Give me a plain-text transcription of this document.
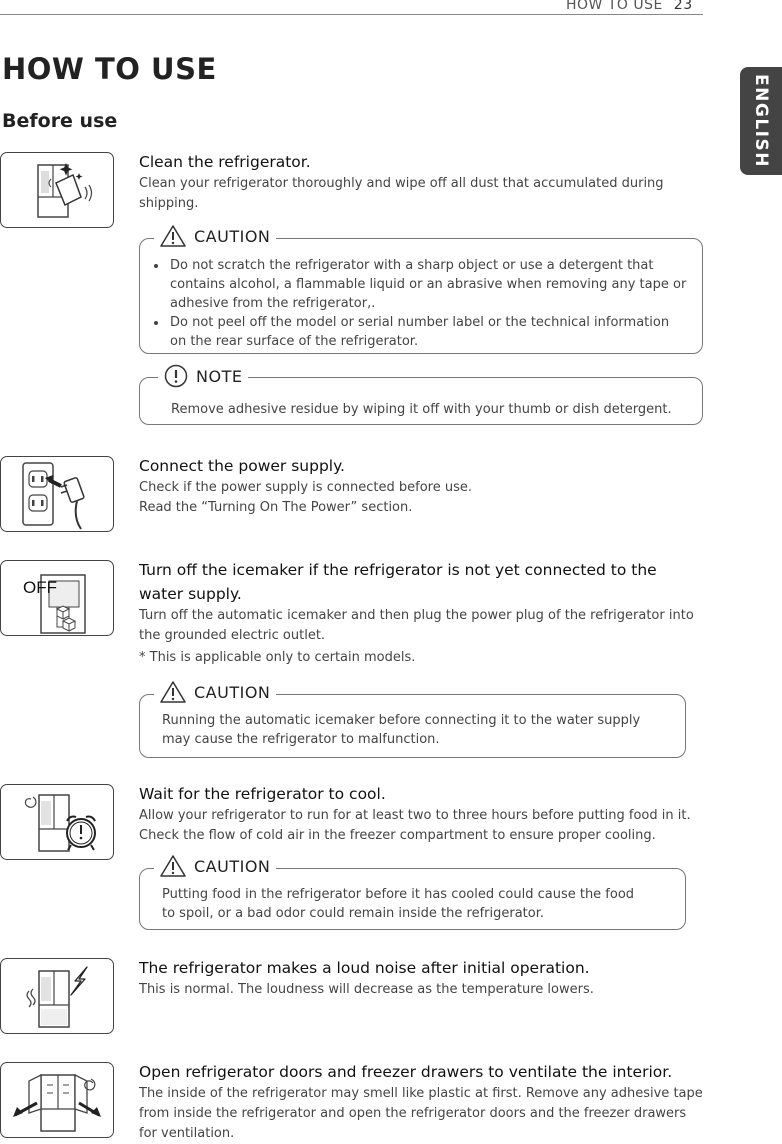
HOW TO USE 23
HOW TO USE
Before use	ENGLISH

Clean the refrigerator.

Clean your refrigerator thoroughly and wipe off all dust that accumulated during shipping.

CAUTION
• Do not scratch the refrigerator with a sharp object or use a detergent that contains alcohol, a flammable liquid or an abrasive when removing any tape or adhesive from the refrigerator,.
• Do not peel off the model or serial number label or the technical information on the rear surface of the refrigerator.
NOTE

Remove adhesive residue by wiping it off with your thumb or dish detergent.

Connect the power supply.

Check if the power supply is connected before use.

Read the “Turning On The Power” section.

OFF

Turn off the icemaker if the refrigerator is not yet connected to the water supply.

Turn off the automatic icemaker and then plug the power plug of the refrigerator into the grounded electric outlet.

* This is applicable only to certain models.

CAUTION

Running the automatic icemaker before connecting it to the water supply may cause the refrigerator to malfunction.

Wait for the refrigerator to cool.

Allow your refrigerator to run for at least two to three hours before putting food in it. Check the flow of cold air in the freezer compartment to ensure proper cooling.

CAUTION

Putting food in the refrigerator before it has cooled could cause the food to spoil, or a bad odor could remain inside the refrigerator.

The refrigerator makes a loud noise after initial operation.

This is normal. The loudness will decrease as the temperature lowers.

Open refrigerator doors and freezer drawers to ventilate the interior.

The inside of the refrigerator may smell like plastic at first. Remove any adhesive tape from inside the refrigerator and open the refrigerator doors and the freezer drawers for ventilation.
